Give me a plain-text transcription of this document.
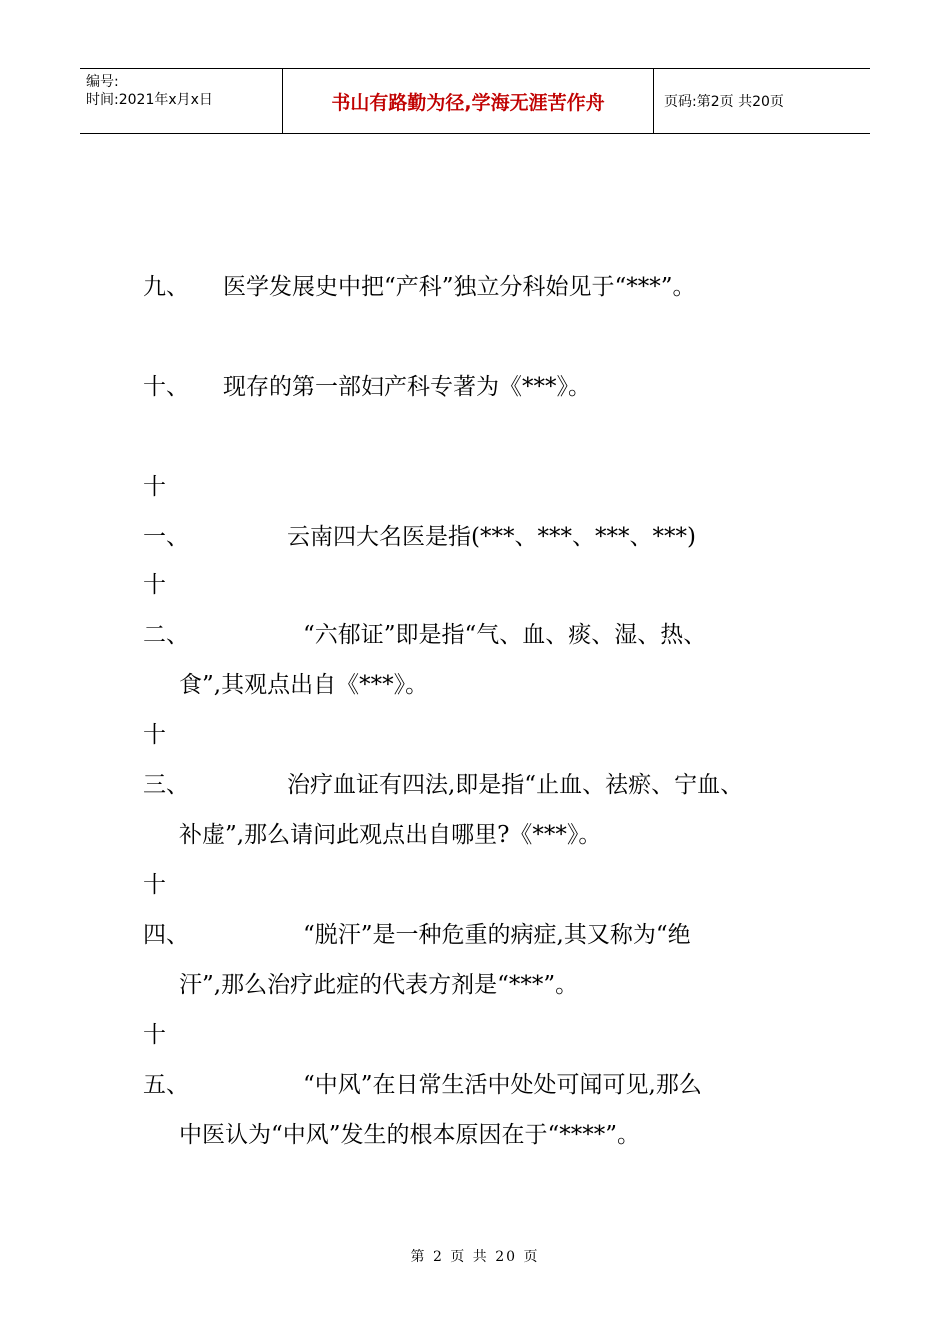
编号:
时间:2021年x月x日	书山有路勤为径,学海无涯苦作舟	页码:第2页 共20页
九、 医学发展史中把“产科”独立分科始见于“***”。
十、 现存的第一部妇产科专著为《***》。
十一、	云南四大名医是指(***、***、***、***)
十二、	“六郁证”即是指“气、血、痰、湿、热、
食”,其观点出自《***》。
十三、	治疗血证有四法,即是指“止血、祛瘀、宁血、
补虚”,那么请问此观点出自哪里?《***》。
十四、	“脱汗”是一种危重的病症,其又称为“绝
汗”,那么治疗此症的代表方剂是“***”。
十五、	“中风”在日常生活中处处可闻可见,那么
中医认为“中风”发生的根本原因在于“****”。
第 2 页 共 20 页
